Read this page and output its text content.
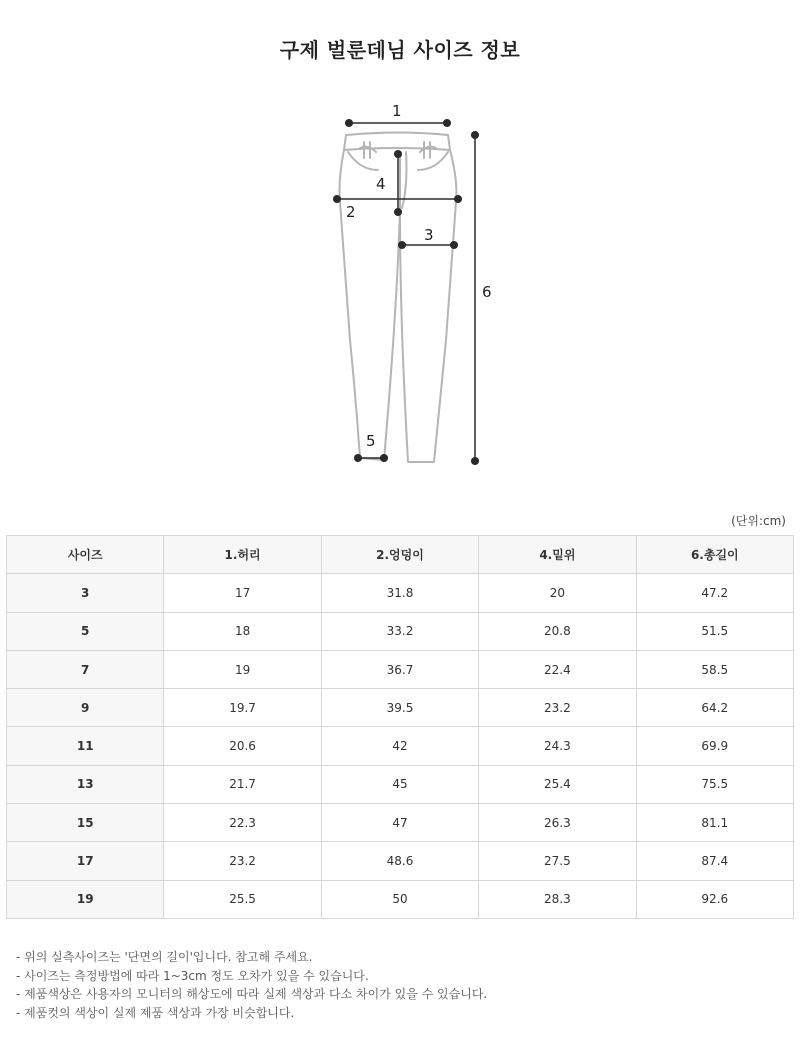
구제 벌룬데님 사이즈 정보
1
4
2
3
5
6
(단위:cm)
사이즈	1.허리	2.엉덩이	4.밑위	6.총길이
3	17	31.8	20	47.2
5	18	33.2	20.8	51.5
7	19	36.7	22.4	58.5
9	19.7	39.5	23.2	64.2
11	20.6	42	24.3	69.9
13	21.7	45	25.4	75.5
15	22.3	47	26.3	81.1
17	23.2	48.6	27.5	87.4
19	25.5	50	28.3	92.6
- 위의 실측사이즈는 '단면의 길이'입니다. 참고해 주세요.
- 사이즈는 측정방법에 따라 1~3cm 정도 오차가 있을 수 있습니다.
- 제품색상은 사용자의 모니터의 해상도에 따라 실제 색상과 다소 차이가 있을 수 있습니다.
- 제품컷의 색상이 실제 제품 색상과 가장 비슷합니다.
